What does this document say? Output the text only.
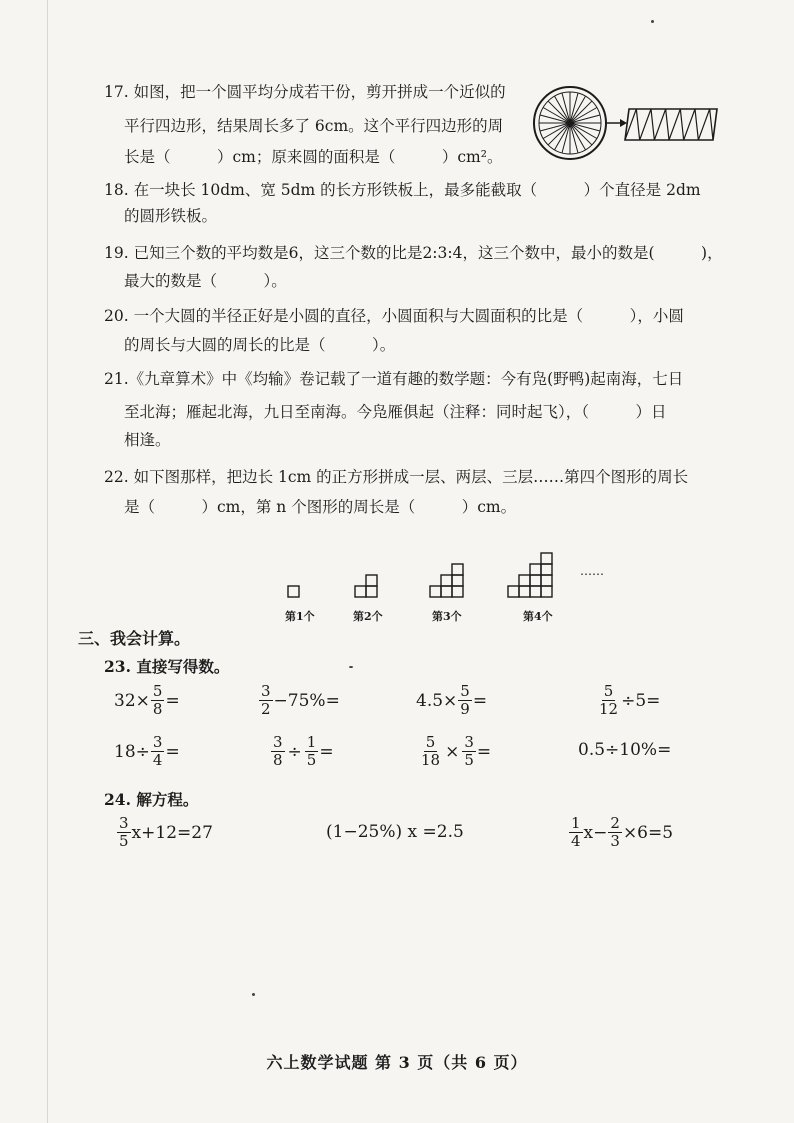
17. 如图，把一个圆平均分成若干份，剪开拼成一个近似的
平行四边形，结果周长多了 6cm。这个平行四边形的周
长是（　　　）cm；原来圆的面积是（　　　）cm²。
18. 在一块长 10dm、宽 5dm 的长方形铁板上，最多能截取（　　　）个直径是 2dm
的圆形铁板。
19. 已知三个数的平均数是6，这三个数的比是2:3:4，这三个数中，最小的数是(　　　)，
最大的数是（　　　）。
20. 一个大圆的半径正好是小圆的直径，小圆面积与大圆面积的比是（　　　），小圆
的周长与大圆的周长的比是（　　　）。
21.《九章算术》中《均输》卷记载了一道有趣的数学题：今有凫(野鸭)起南海，七日
至北海；雁起北海，九日至南海。今凫雁俱起（注释：同时起飞），（　　　）日
相逢。
22. 如下图那样，把边长 1cm 的正方形拼成一层、两层、三层……第四个图形的周长
是（　　　）cm，第 n 个图形的周长是（　　　）cm。
……
第1个	第2个	第3个	第4个
三、我会计算。
23. 直接写得数。
$32\times \frac{5}{8}$ =	$\frac{3}{2} -75\%=$	$4.5\times \frac{5}{9}$ =	$\frac{5}{12} \div 5=$
$18\div \frac{3}{4}$ =	$\frac{3}{8} \div \frac{1}{5}$ =	$\frac{5}{18} \times \frac{3}{5}$ =	0.5÷10%=
24. 解方程。
$\frac{3}{5} x+12=27$	(1−25%) x =2.5	$\frac{1}{4} x- \frac{2}{3} \times 6=5$
六上数学试题 第 3 页（共 6 页）
